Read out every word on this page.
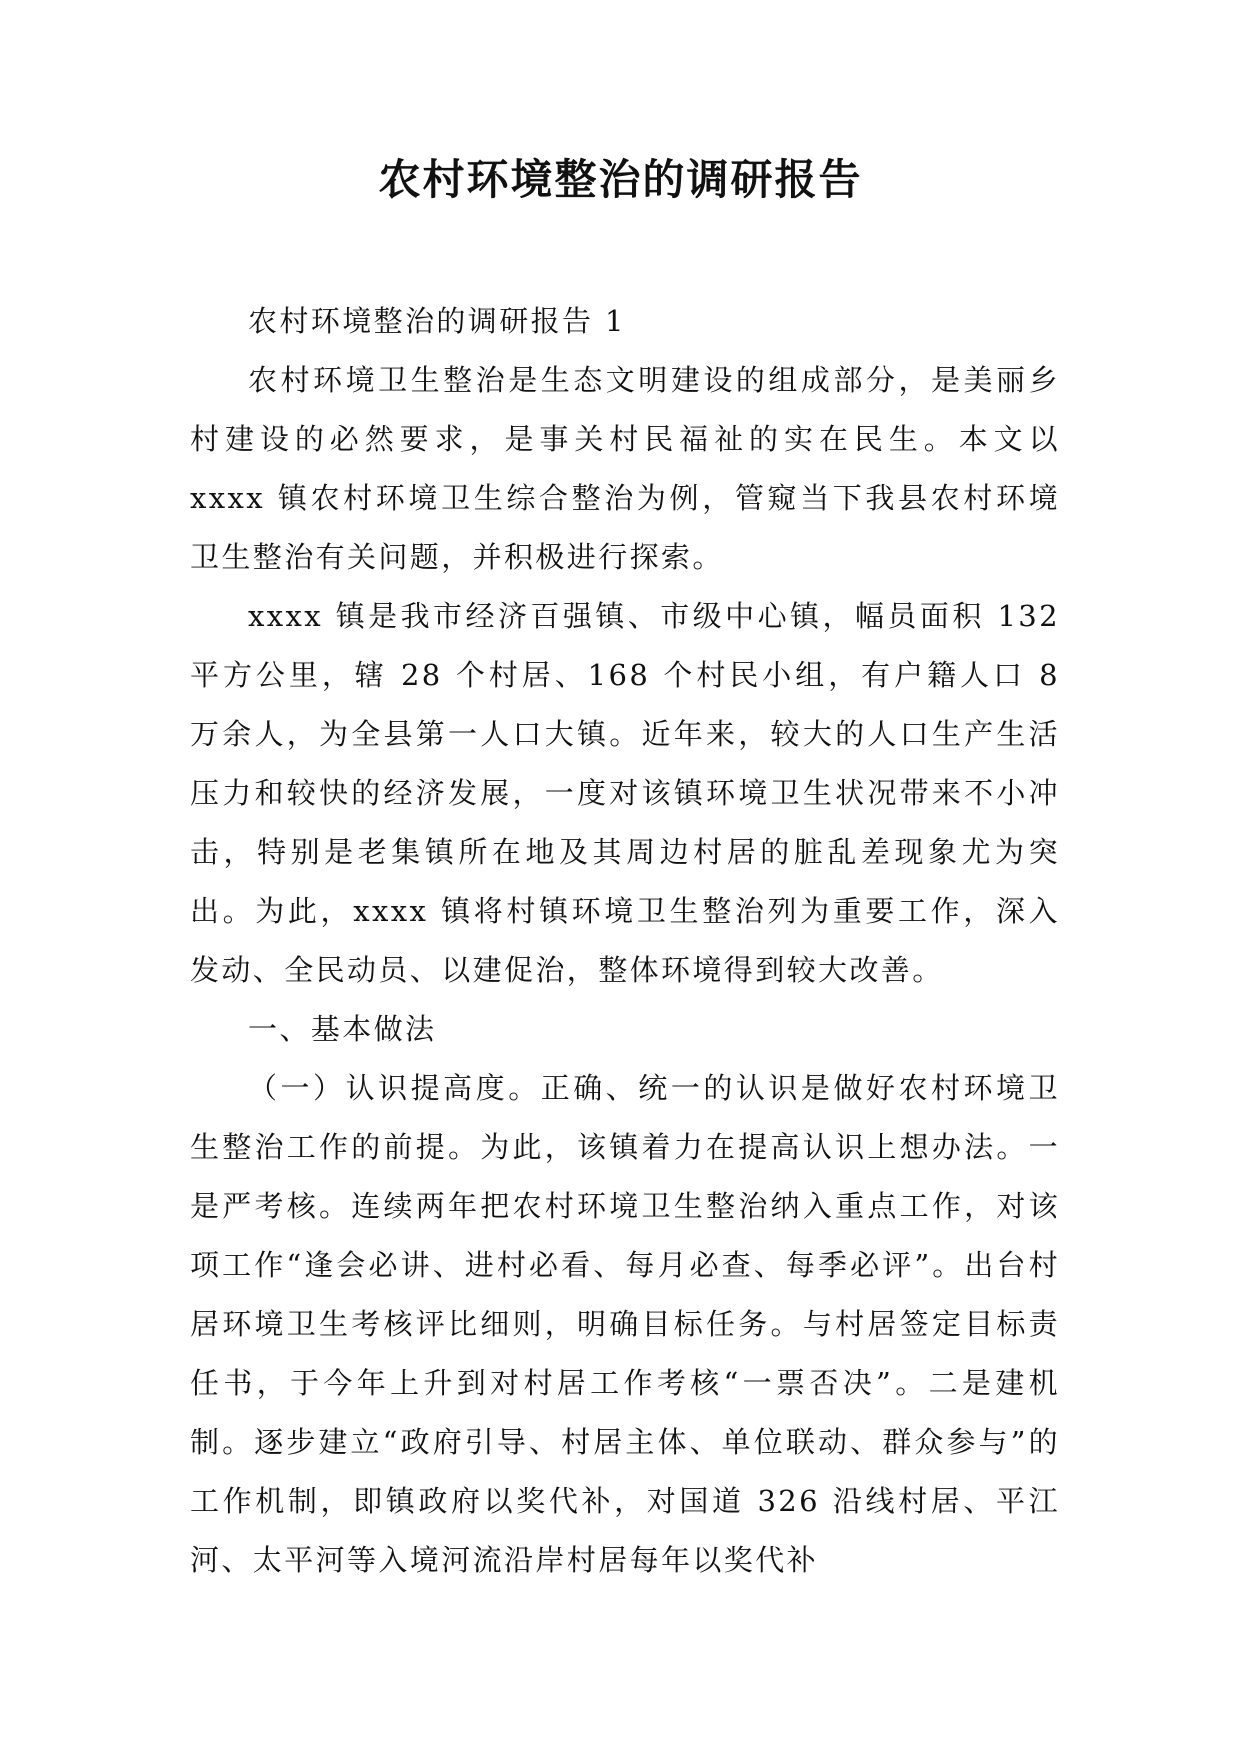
农村环境整治的调研报告

农村环境整治的调研报告 1

农村环境卫生整治是生态文明建设的组成部分，是美丽乡村建设的必然要求，是事关村民福祉的实在民生。本文以 xxxx 镇农村环境卫生综合整治为例，管窥当下我县农村环境卫生整治有关问题，并积极进行探索。

xxxx 镇是我市经济百强镇、市级中心镇，幅员面积 132 平方公里，辖 28 个村居、168 个村民小组，有户籍人口 8 万余人，为全县第一人口大镇。近年来，较大的人口生产生活压力和较快的经济发展，一度对该镇环境卫生状况带来不小冲击，特别是老集镇所在地及其周边村居的脏乱差现象尤为突出。为此，xxxx 镇将村镇环境卫生整治列为重要工作，深入发动、全民动员、以建促治，整体环境得到较大改善。

一、基本做法

（一）认识提高度。正确、统一的认识是做好农村环境卫生整治工作的前提。为此，该镇着力在提高认识上想办法。一是严考核。连续两年把农村环境卫生整治纳入重点工作，对该项工作“逢会必讲、进村必看、每月必查、每季必评”。出台村居环境卫生考核评比细则，明确目标任务。与村居签定目标责任书，于今年上升到对村居工作考核“一票否决”。二是建机制。逐步建立“政府引导、村居主体、单位联动、群众参与”的工作机制，即镇政府以奖代补，对国道 326 沿线村居、平江河、太平河等入境河流沿岸村居每年以奖代补
